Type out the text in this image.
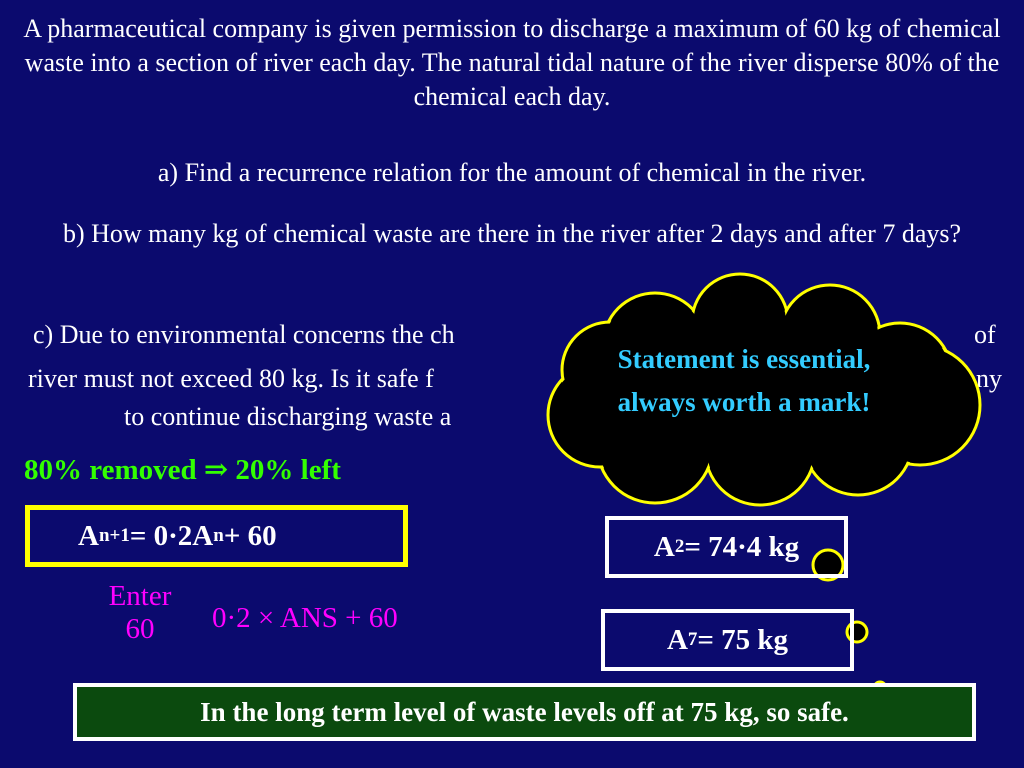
A pharmaceutical company is given permission to discharge a maximum of 60 kg of chemical waste into a section of river each day. The natural tidal nature of the river disperse 80% of the chemical each day.

a) Find a recurrence relation for the amount of chemical in the river.

b) How many kg of chemical waste are there in the river after 2 days and after 7 days?

c) Due to environmental concerns the ch	of
river must not exceed 80 kg. Is it safe f	ny
to continue discharging waste a
Statement is essential, always worth a mark!
80% removed ⇒ 20% left
A n+1 = 0·2A n + 60
Enter 60	0·2 × ANS + 60
A 2 = 74·4 kg
A 7 = 75 kg
In the long term level of waste levels off at 75 kg, so safe.
